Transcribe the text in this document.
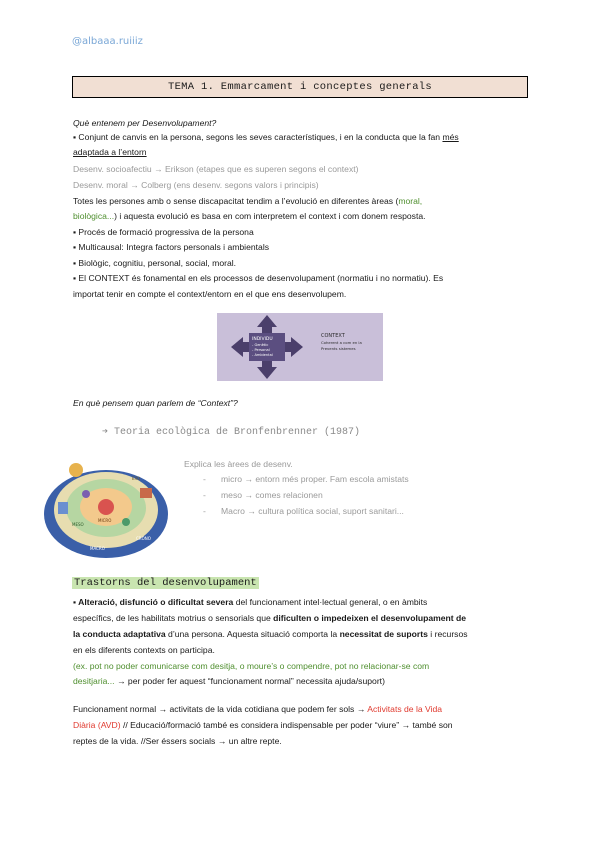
@albaaa.ruiiiz
TEMA 1. Emmarcament i conceptes generals
Què entenem per Desenvolupament?
▪ Conjunt de canvis en la persona, segons les seves característiques, i en la conducta que la fan més
adaptada a l’entorn
Desenv. socioafectiu → Erikson (etapes que es superen segons el context)
Desenv. moral → Colberg (ens desenv. segons valors i principis)
Totes les persones amb o sense discapacitat tendim a l’evolució en diferentes àreas (moral,
biològica...) i aquesta evolució es basa en com interpretem el context i com donem resposta.
▪ Procés de formació progressiva de la persona
▪ Multicausal: Integra factors personals i ambientals
▪ Biològic, cognitiu, personal, social, moral.
▪ El CONTEXT és fonamental en els processos de desenvolupament (normatiu i no normatiu). Es
importat tenir en compte el context/entorn en el que ens desenvolupem.
INDIVIDU
- Genètic
- Personal
- Ambiental
CONTEXT
Coherent a com en la
Prevents sistemes
En què pensem quan parlem de “Context”?
➔ Teoria ecològica de Bronfenbrenner (1987)
MACRO
EXO
MESO
MICRO
CRONO
Explica les àrees de desenv.
- micro → entorn més proper. Fam escola amistats
- meso → comes relacionen
- Macro → cultura política social, suport sanitari...
Trastorns del desenvolupament
▪ Alteració, disfunció o dificultat severa del funcionament intel·lectual general, o en àmbits
específics, de les habilitats motrius o sensorials que dificulten o impedeixen el desenvolupament de
la conducta adaptativa d’una persona. Aquesta situació comporta la necessitat de suports i recursos
en els diferents contexts on participa.
(ex. pot no poder comunicarse com desitja, o moure’s o compendre, pot no relacionar-se com
desitjaria... → per poder fer aquest “funcionament normal” necessita ajuda/suport)
Funcionament normal → activitats de la vida cotidiana que podem fer sols → Activitats de la Vida
Diària (AVD) // Educació/formació també es considera indispensable per poder “viure” → també son
reptes de la vida. //Ser éssers socials → un altre repte.
